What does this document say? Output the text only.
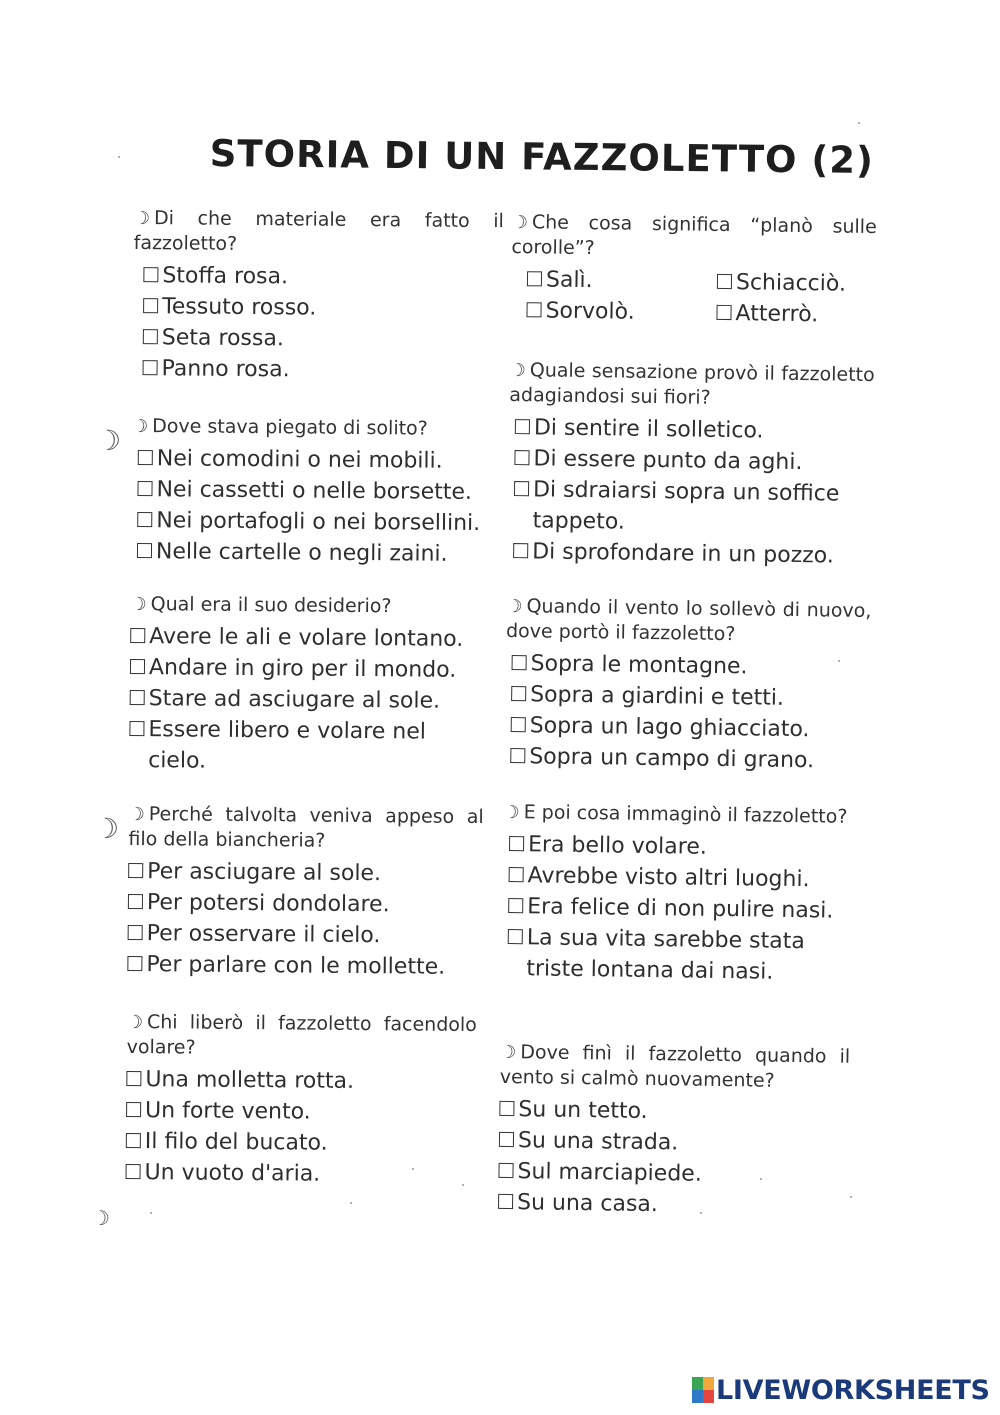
STORIA DI UN FAZZOLETTO (2)
☽
☽
☽
☽ Di che materiale era fatto il fazzoletto?
Stoffa rosa.
Tessuto rosso.
Seta rossa.
Panno rosa.
☽ Dove stava piegato di solito?
Nei comodini o nei mobili.
Nei cassetti o nelle borsette.
Nei portafogli o nei borsellini.
Nelle cartelle o negli zaini.
☽ Qual era il suo desiderio?
Avere le ali e volare lontano.
Andare in giro per il mondo.
Stare ad asciugare al sole.
Essere libero e volare nel cielo.
☽ Perché talvolta veniva appeso al filo della biancheria?
Per asciugare al sole.
Per potersi dondolare.
Per osservare il cielo.
Per parlare con le mollette.
☽ Chi liberò il fazzoletto facendolo volare?
Una molletta rotta.
Un forte vento.
Il filo del bucato.
Un vuoto d'aria.
☽ Che cosa significa “planò sulle corolle”?
Salì.	Schiacciò.
Sorvolò.	Atterrò.
☽ Quale sensazione provò il fazzoletto adagiandosi sui fiori?
Di sentire il solletico.
Di essere punto da aghi.
Di sdraiarsi sopra un soffice tappeto.
Di sprofondare in un pozzo.
☽ Quando il vento lo sollevò di nuovo, dove portò il fazzoletto?
Sopra le montagne.
Sopra a giardini e tetti.
Sopra un lago ghiacciato.
Sopra un campo di grano.
☽ E poi cosa immaginò il fazzoletto?
Era bello volare.
Avrebbe visto altri luoghi.
Era felice di non pulire nasi.
La sua vita sarebbe stata triste lontana dai nasi.
☽ Dove finì il fazzoletto quando il vento si calmò nuovamente?
Su un tetto.
Su una strada.
Sul marciapiede.
Su una casa.
LIVEWORKSHEETS
